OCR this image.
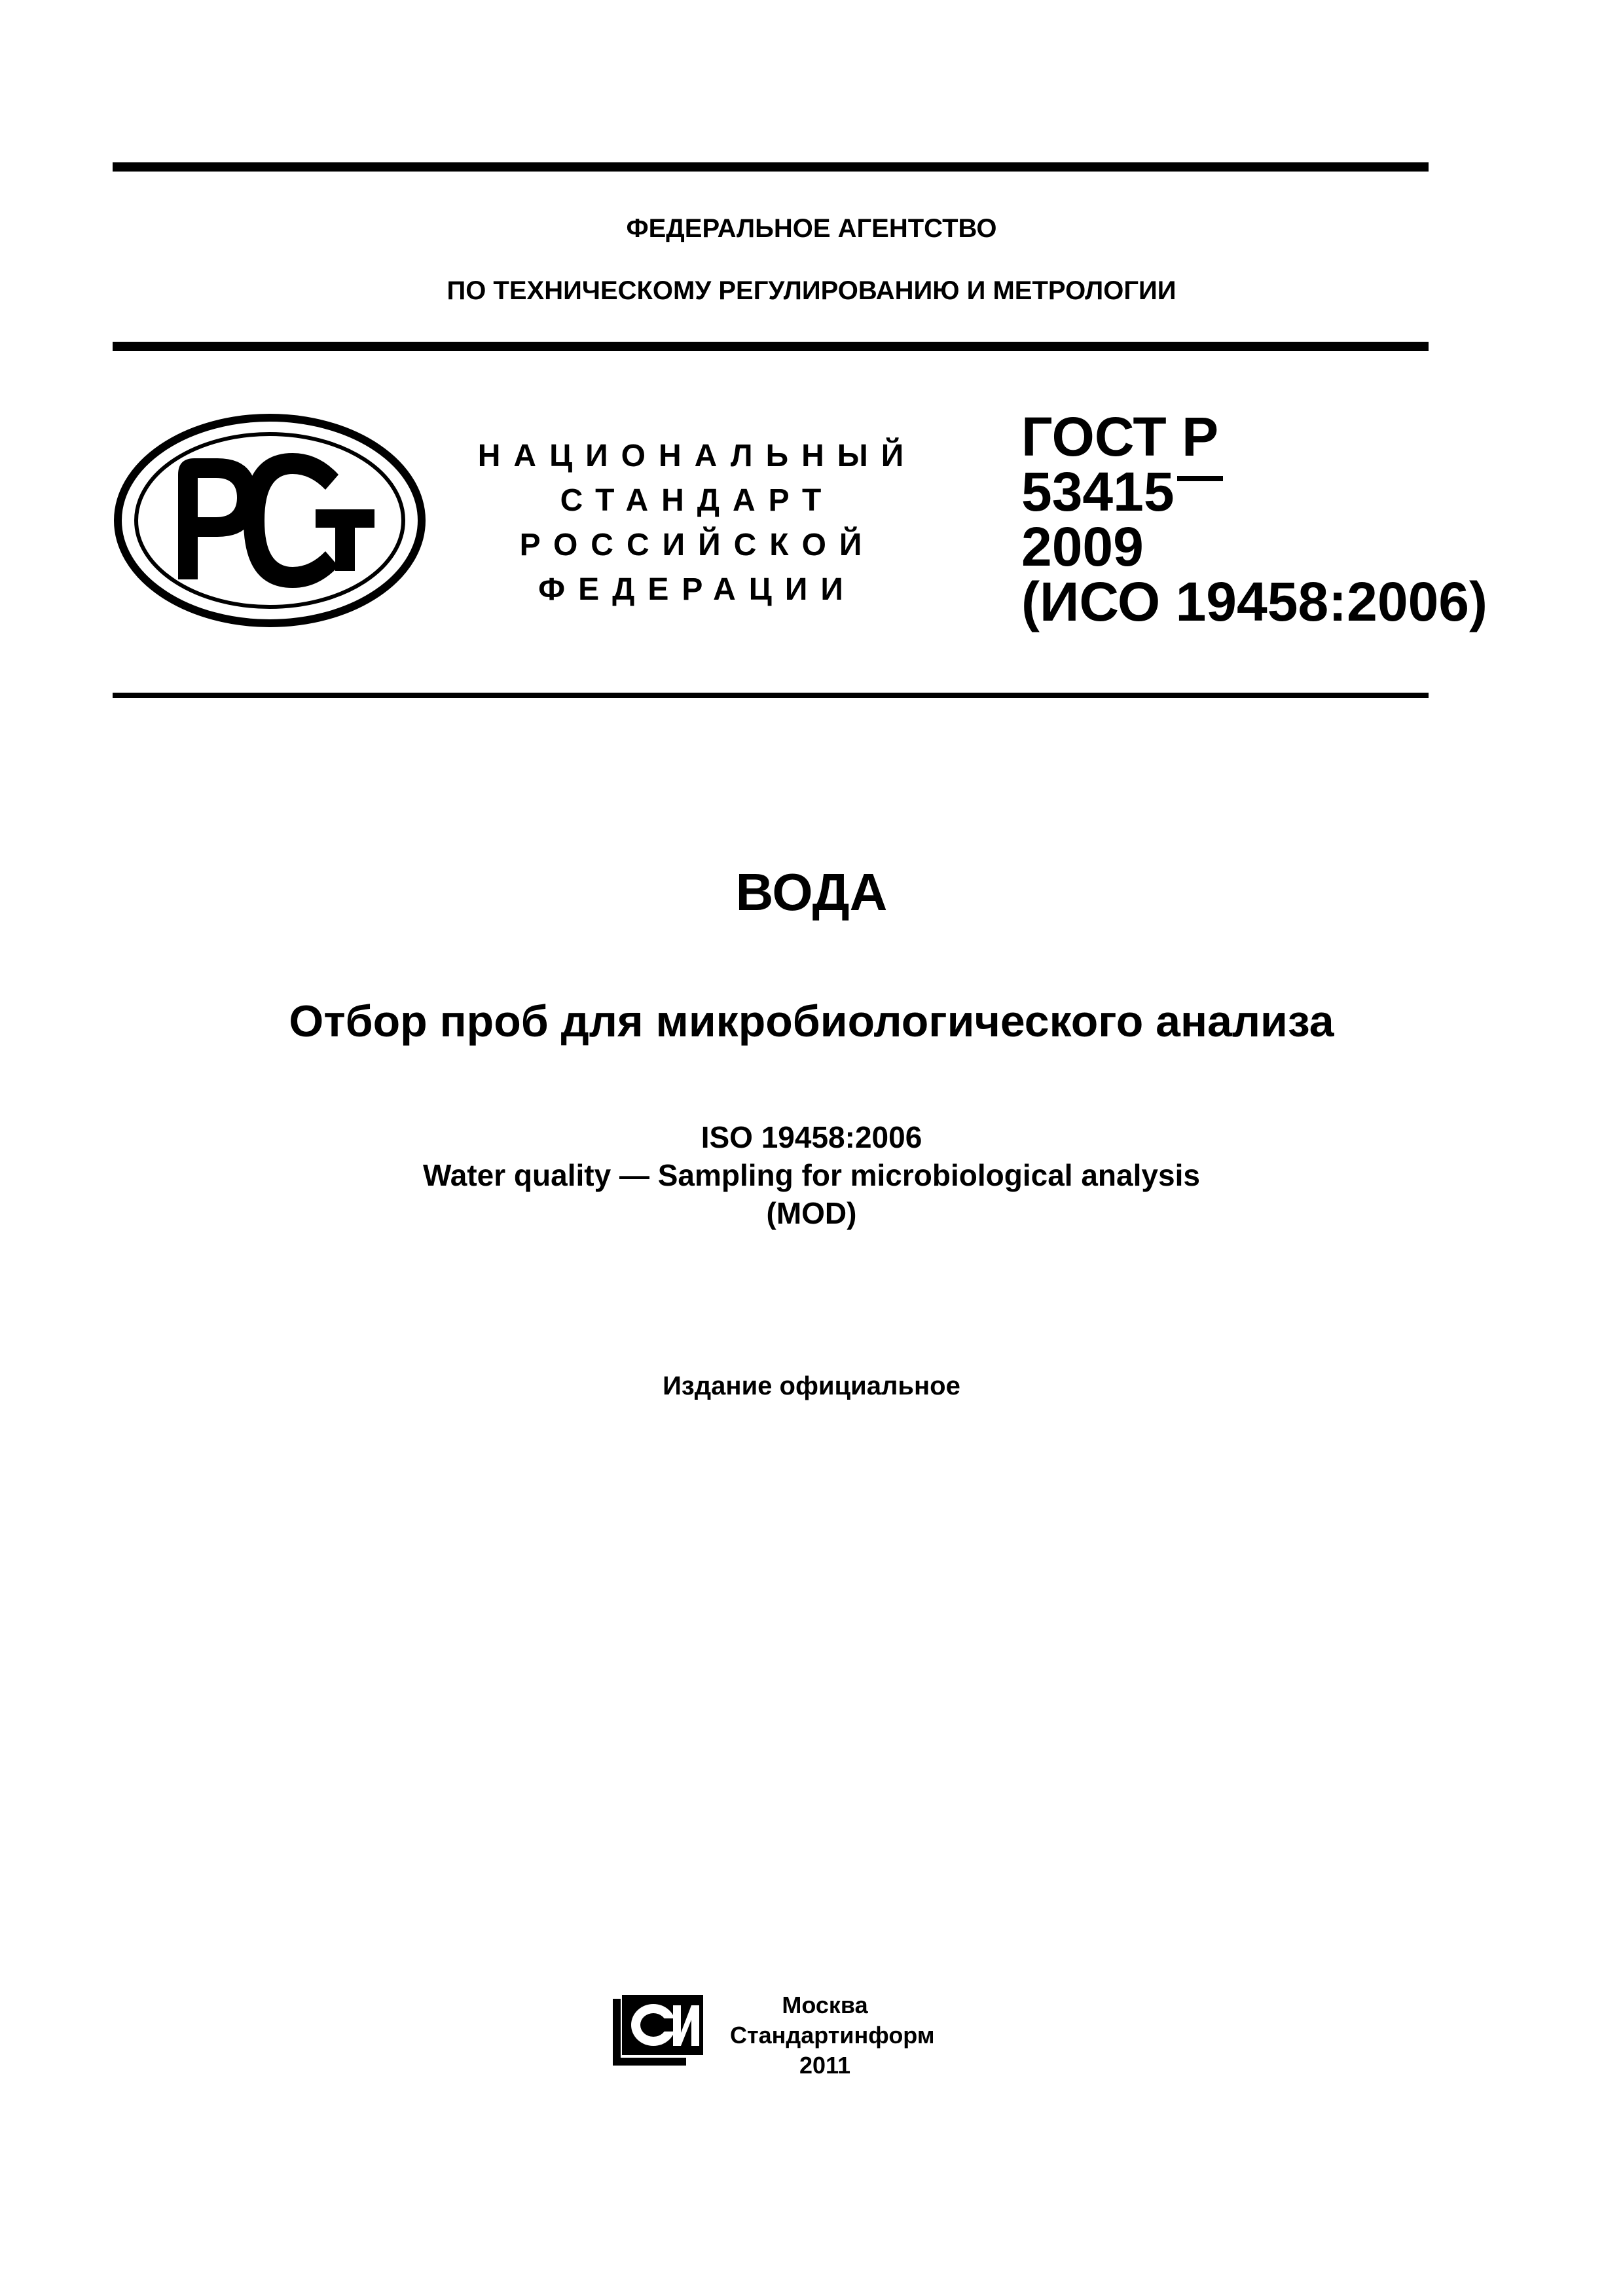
ФЕДЕРАЛЬНОЕ АГЕНТСТВО
ПО ТЕХНИЧЕСКОМУ РЕГУЛИРОВАНИЮ И МЕТРОЛОГИИ
НАЦИОНАЛЬНЫЙ
СТАНДАРТ
РОССИЙСКОЙ
ФЕДЕРАЦИИ
ГОСТ Р
53415
2009
(ИСО 19458:2006)
ВОДА
Отбор проб для микробиологического анализа
ISO 19458:2006
Water quality — Sampling for microbiological analysis
(MOD)
Издание официальное
Москва
Стандартинформ
2011
